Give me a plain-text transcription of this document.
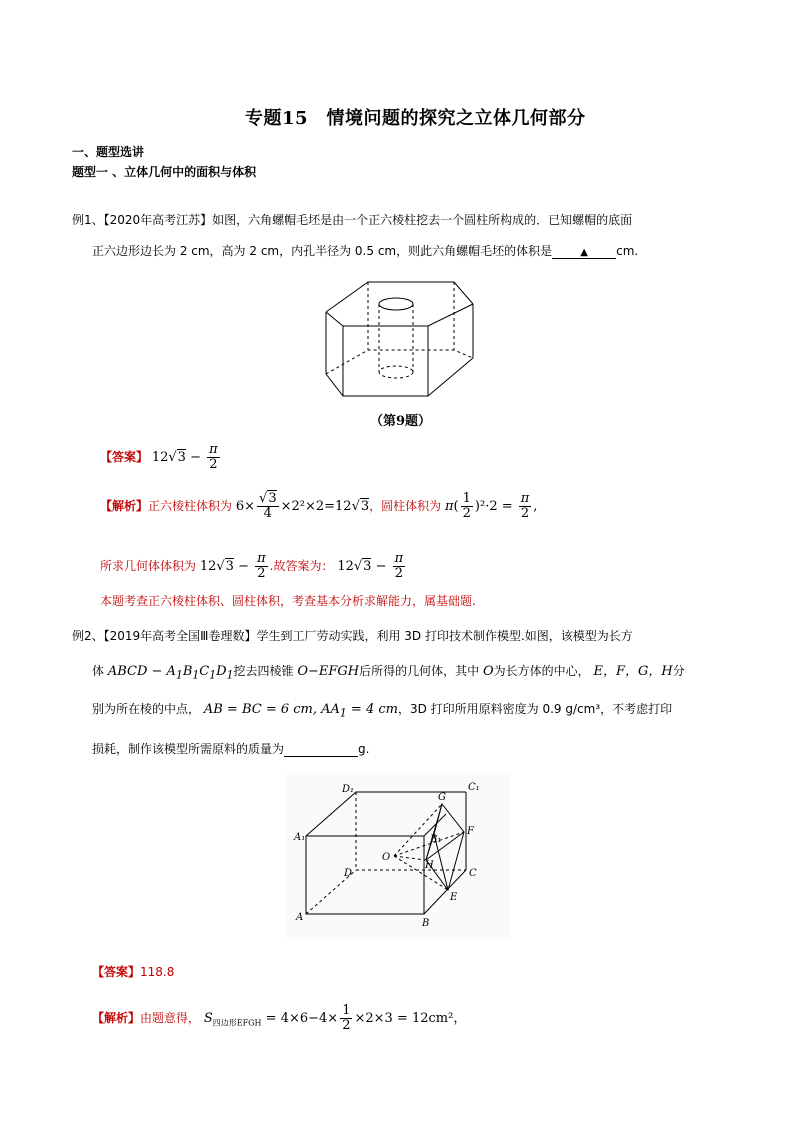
专题15　情境问题的探究之立体几何部分
一、题型选讲
题型一 、立体几何中的面积与体积
例1、【2020年高考江苏】如图，六角螺帽毛坯是由一个正六棱柱挖去一个圆柱所构成的．已知螺帽的底面
正六边形边长为 2 cm，高为 2 cm，内孔半径为 0.5 cm，则此六角螺帽毛坯的体积是	▲ cm.
（第9题）
【答案】 $12√3 - \frac{\pi}{2}$
【解析】正六棱柱体积为 $6\times \frac{√3}{4} \times 2^2\times 2=12√3$，圆柱体积为 $\pi( \frac{1}{2} )^2\cdot 2 = \frac{\pi}{2}$ ,
所求几何体体积为 $12√3 - \frac{\pi}{2}$ .故答案为： $12√3 - \frac{\pi}{2}$
本题考查正六棱柱体积、圆柱体积，考查基本分析求解能力，属基础题.
例2、【2019年高考全国Ⅲ卷理数】学生到工厂劳动实践，利用 3D 打印技术制作模型.如图，该模型为长方
体 ABCD − $A_1B_1C_1D_1$挖去四棱锥 O−EFGH后所得的几何体，其中 O为长方体的中心， E，F，G，H分
别为所在棱的中点， AB = BC = 6 cm, $AA_1 = 4$ cm，3D 打印所用原料密度为 0.9 g/cm³，不考虑打印
损耗，制作该模型所需原料的质量为	g.
D₁	C₁
A₁	B₁
G
F
O
H
D	C
E
A
B
【答案】118.8
【解析】由题意得， $S_{四边形EFGH} = 4\times 6-4\times \frac{1}{2} \times 2\times 3 = 12cm^2$，
